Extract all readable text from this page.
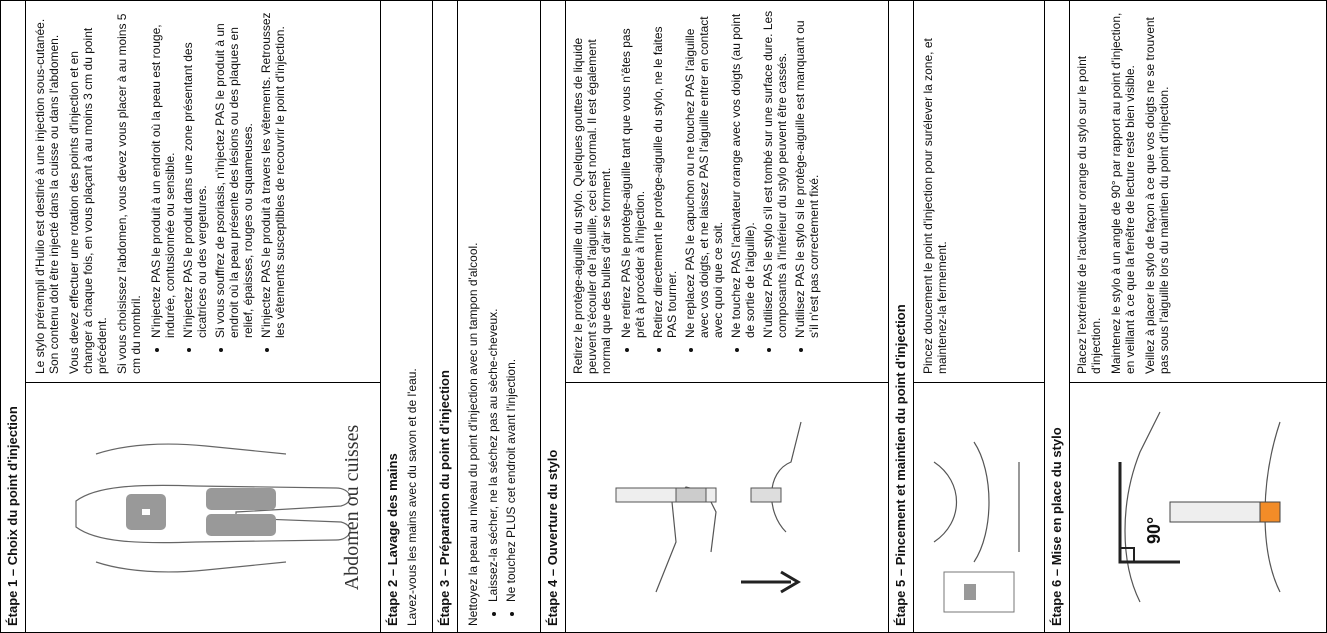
Étape 1 – Choix du point d'injection	Abdomen ou cuisses

Le stylo prérempli d'Hulio est destiné à une injection sous-cutanée. Son contenu doit être injecté dans la cuisse ou dans l'abdomen. Vous devez effectuer une rotation des points d'injection et en changer à chaque fois, en vous plaçant à au moins 3 cm du point précédent. Si vous choisissez l'abdomen, vous devez vous placer à au moins 5 cm du nombril. • N'injectez PAS le produit à un endroit où la peau est rouge, indurée, contusionnée ou sensible. • N'injectez PAS le produit dans une zone présentant des cicatrices ou des vergetures. • Si vous souffrez de psoriasis, n'injectez PAS le produit à un endroit où la peau présente des lésions ou des plaques en relief, épaisses, rouges ou squameuses. • N'injectez PAS le produit à travers les vêtements. Retroussez les vêtements susceptibles de recouvrir le point d'injection.
Étape 2 – Lavage des mains Lavez-vous les mains avec du savon et de l'eau.	Étape 3 – Préparation du point d'injection	Nettoyez la peau au niveau du point d'injection avec un tampon d'alcool. • Laissez-la sécher, ne la séchez pas au sèche-cheveux. • Ne touchez PLUS cet endroit avant l'injection.	Étape 4 – Ouverture du stylo

Retirez le protège-aiguille du stylo. Quelques gouttes de liquide peuvent s'écouler de l'aiguille, ceci est normal. Il est également normal que des bulles d'air se forment. • Ne retirez PAS le protège-aiguille tant que vous n'êtes pas prêt à procéder à l'injection. • Retirez directement le protège-aiguille du stylo, ne le faites PAS tourner. • Ne replacez PAS le capuchon ou ne touchez PAS l'aiguille avec vos doigts, et ne laissez PAS l'aiguille entrer en contact avec quoi que ce soit. • Ne touchez PAS l'activateur orange avec vos doigts (au point de sortie de l'aiguille). • N'utilisez PAS le stylo s'il est tombé sur une surface dure. Les composants à l'intérieur du stylo peuvent être cassés. • N'utilisez PAS le stylo si le protège-aiguille est manquant ou s'il n'est pas correctement fixé.
Étape 5 – Pincement et maintien du point d'injection
Pincez doucement le point d'injection pour surélever la zone, et maintenez-la fermement.
Étape 6 – Mise en place du stylo	90°

Placez l'extrémité de l'activateur orange du stylo sur le point d'injection. Maintenez le stylo à un angle de 90° par rapport au point d'injection, en veillant à ce que la fenêtre de lecture reste bien visible. Veillez à placer le stylo de façon à ce que vos doigts ne se trouvent pas sous l'aiguille lors du maintien du point d'injection.
